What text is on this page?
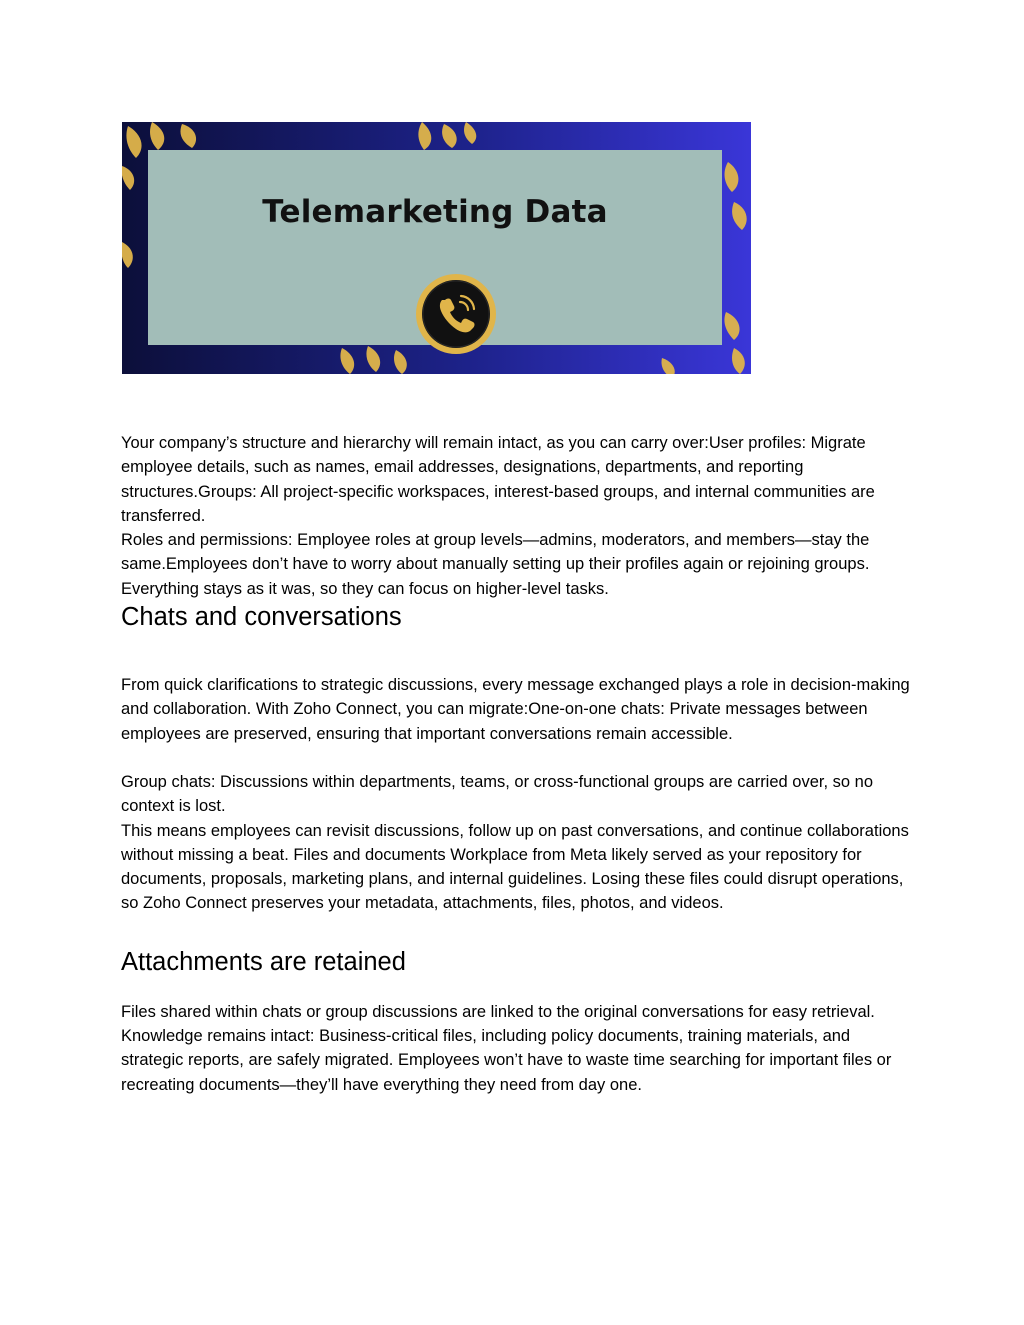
Telemarketing Data

Your company’s structure and hierarchy will remain intact, as you can carry over:User profiles: Migrate employee details, such as names, email addresses, designations, departments, and reporting structures.Groups: All project-specific workspaces, interest-based groups, and internal communities are transferred.

Roles and permissions: Employee roles at group levels—admins, moderators, and members—stay the same.Employees don’t have to worry about manually setting up their profiles again or rejoining groups. Everything stays as it was, so they can focus on higher-level tasks.

Chats and conversations

From quick clarifications to strategic discussions, every message exchanged plays a role in decision-making and collaboration. With Zoho Connect, you can migrate:One-on-one chats: Private messages between employees are preserved, ensuring that important conversations remain accessible.

Group chats: Discussions within departments, teams, or cross-functional groups are carried over, so no context is lost.

This means employees can revisit discussions, follow up on past conversations, and continue collaborations without missing a beat. Files and documents Workplace from Meta likely served as your repository for documents, proposals, marketing plans, and internal guidelines. Losing these files could disrupt operations, so Zoho Connect preserves your metadata, attachments, files, photos, and videos.

Attachments are retained

Files shared within chats or group discussions are linked to the original conversations for easy retrieval.

Knowledge remains intact: Business-critical files, including policy documents, training materials, and strategic reports, are safely migrated. Employees won’t have to waste time searching for important files or recreating documents—they’ll have everything they need from day one.
